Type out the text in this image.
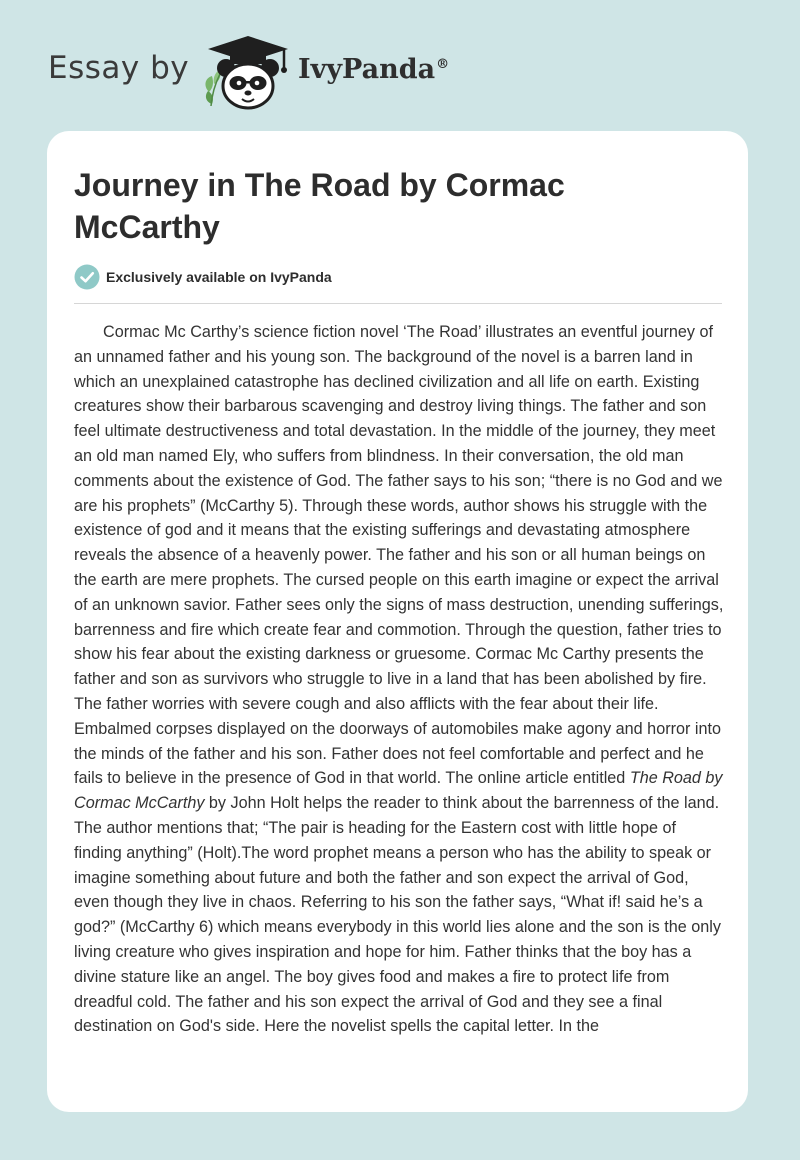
Essay by	IvyPanda®
Journey in The Road by Cormac McCarthy
Exclusively available on IvyPanda

Cormac Mc Carthy’s science fiction novel ‘The Road’ illustrates an eventful journey of an unnamed father and his young son. The background of the novel is a barren land in which an unexplained catastrophe has declined civilization and all life on earth. Existing creatures show their barbarous scavenging and destroy living things. The father and son feel ultimate destructiveness and total devastation. In the middle of the journey, they meet an old man named Ely, who suffers from blindness. In their conversation, the old man comments about the existence of God. The father says to his son; “there is no God and we are his prophets” (McCarthy 5). Through these words, author shows his struggle with the existence of god and it means that the existing sufferings and devastating atmosphere reveals the absence of a heavenly power. The father and his son or all human beings on the earth are mere prophets. The cursed people on this earth imagine or expect the arrival of an unknown savior. Father sees only the signs of mass destruction, unending sufferings, barrenness and fire which create fear and commotion. Through the question, father tries to show his fear about the existing darkness or gruesome. Cormac Mc Carthy presents the father and son as survivors who struggle to live in a land that has been abolished by fire. The father worries with severe cough and also afflicts with the fear about their life. Embalmed corpses displayed on the doorways of automobiles make agony and horror into the minds of the father and his son. Father does not feel comfortable and perfect and he fails to believe in the presence of God in that world. The online article entitled The Road by Cormac McCarthy by John Holt helps the reader to think about the barrenness of the land. The author mentions that; “The pair is heading for the Eastern cost with little hope of finding anything” (Holt).The word prophet means a person who has the ability to speak or imagine something about future and both the father and son expect the arrival of God, even though they live in chaos. Referring to his son the father says, “What if! said he’s a god?” (McCarthy 6) which means everybody in this world lies alone and the son is the only living creature who gives inspiration and hope for him. Father thinks that the boy has a divine stature like an angel. The boy gives food and makes a fire to protect life from dreadful cold. The father and his son expect the arrival of God and they see a final destination on God's side. Here the novelist spells the capital letter. In the
